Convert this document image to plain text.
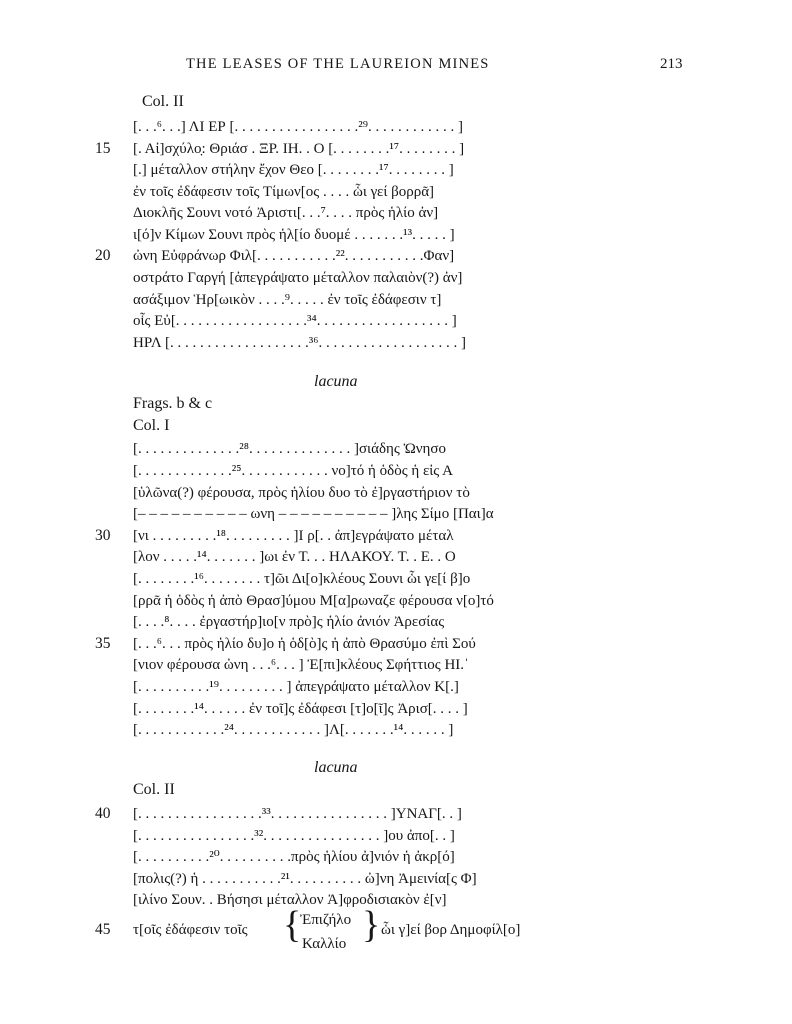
THE LEASES OF THE LAUREION MINES	213
Col. II
15
20
30
35
40
45
[. . .⁶. . .] ΛΙ ΕΡ [. . . . . . . . . . . . . . . . .²⁹. . . . . . . . . . . . ]
[. Αἰ]σχύλο̣: Θριάσ . ΞΡ. ΙΗ. . Ο [. . . . . . . .¹⁷. . . . . . . . ]
[.] μέταλλον στήλην ἔχον Θεο [. . . . . . . .¹⁷. . . . . . . . ]
ἐν τοῖς ἐδάφεσιν τοῖς Τίμων[ος . . . . ὧι γεί βορρᾶ]
Διοκλῆς Σουνι νοτό Ἀριστι[. . .⁷. . . . πρὸς ἡλίο ἀν]
ι[ό]ν Κίμων Σουνι πρὸς ἡλ[ίο δυομέ . . . . . . .¹³. . . . . ]
ὠνη Εὐφράνωρ Φιλ[. . . . . . . . . . .²². . . . . . . . . . .Φαν]
οστράτο Γαργή [ἀπεγράψατο μέταλλον παλαιὸν(?) ἀν]
ασάξιμον Ἡρ[ωικὸν . . . .⁹. . . . . ἐν τοῖς ἐδάφεσιν τ]
οἷς Εὐ[. . . . . . . . . . . . . . . . . .³⁴. . . . . . . . . . . . . . . . . . ]
ΗΡΛ [. . . . . . . . . . . . . . . . . . .³⁶. . . . . . . . . . . . . . . . . . . ]
lacuna
Frags. b & c
Col. I
[. . . . . . . . . . . . . .²⁸. . . . . . . . . . . . . . ]σιάδης Ὠνησο
[. . . . . . . . . . . . .²⁵. . . . . . . . . . . . νο]τό ἡ ὁδὸς ἡ εἰς Α
[ὑλῶνα(?) φέρουσα, πρὸς ἡλίου δυο τὸ ἐ]ργαστήριον τὸ
[– – – – – – – – – – ωνη – – – – – – – – – – ]λης Σίμο [Παι]α
[νι . . . . . . . . .¹⁸. . . . . . . . . ]Ι ρ[. . ἀπ]εγράψατο μέταλ
[λον . . . . .¹⁴. . . . . . . ]ωι ἐν Τ. . . ΗΛΑΚΟΥ. Τ. . Ε. . Ο
[. . . . . . . .¹⁶. . . . . . . . τ]ῶι Δι[ο]κλέους Σουνι ὧι γε[ί β]ο
[ρρᾶ ἡ ὁδὸς ἡ ἀπὸ Θρασ]ύμου Μ[α]ρωναζε φέρουσα ν[ο]τό
[. . . .⁸. . . . ἐργαστήρ]ιο[ν πρὸ]ς ἡλίο ἀνιόν Ἀρεσίας
[. . .⁶. . . πρὸς ἡλίο δυ]ο ἡ ὁδ[ὸ]ς ἡ ἀπὸ Θρασύμο ἐπὶ Σού
[νιον φέρουσα ὠνη . . .⁶. . . ] Ἐ[πι]κλέους Σφήττιος ΗΙ.ˈ
[. . . . . . . . . .¹⁹. . . . . . . . . ] ἀπεγράψατο μέταλλον Κ[.]
[. . . . . . . .¹⁴. . . . . . ἐν τοῖ]ς ἐδάφεσι [τ]ο[ῖ]ς Ἀρισ[. . . . ]
[. . . . . . . . . . . .²⁴. . . . . . . . . . . . ]Λ[. . . . . . .¹⁴. . . . . . ]
lacuna
Col. II
[. . . . . . . . . . . . . . . . .³³. . . . . . . . . . . . . . . . ]ΥΝΑΓ[. . ]
[. . . . . . . . . . . . . . . .³². . . . . . . . . . . . . . . . ]ου ἀπο[. . ]
[. . . . . . . . . .²⁰. . . . . . . . . .πρὸς ἡλίου ἀ]νιόν ἡ ἀκρ[ό]
[πολις(?) ἡ . . . . . . . . . . .²¹. . . . . . . . . . ὠ]νη Ἀμεινία[ς Φ]
[ιλίνο Σουν. . Βήσησι μέταλλον Ἀ]φροδισιακὸν ἐ[ν]
τ[οῖς ἐδάφεσιν τοῖς {
Ἐπιζήλο
Καλλίο } ὧι γ]εί βορ Δημοφίλ[ο]
